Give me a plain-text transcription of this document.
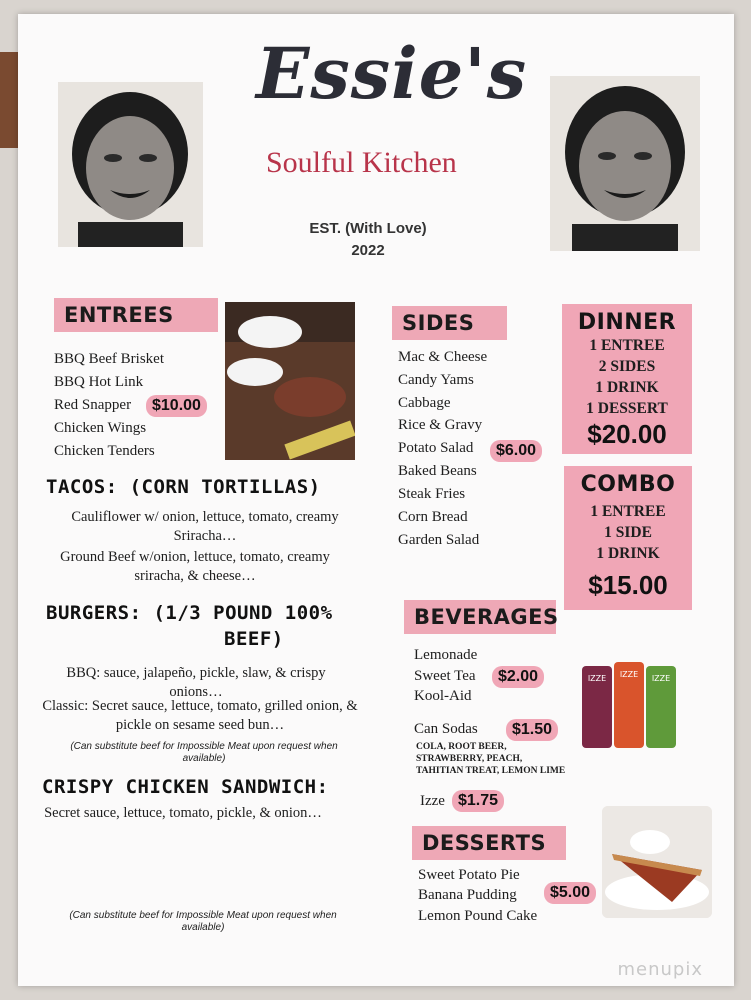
Essie's
Soulful Kitchen
EST. (With Love)
2022
ENTREES
BBQ Beef Brisket
BBQ Hot Link
Red Snapper	$10.00
Chicken Wings
Chicken Tenders
TACOS: (CORN TORTILLAS)
Cauliflower w/ onion, lettuce, tomato, creamy Sriracha…
Ground Beef w/onion, lettuce, tomato, creamy sriracha, & cheese…
BURGERS: (1/3 POUND 100%
BEEF)
BBQ: sauce, jalapeño, pickle, slaw, & crispy onions…
Classic: Secret sauce, lettuce, tomato, grilled onion, & pickle on sesame seed bun…
(Can substitute beef for Impossible Meat upon request when available)
CRISPY CHICKEN SANDWICH:
Secret sauce, lettuce, tomato, pickle, & onion…
(Can substitute beef for Impossible Meat upon request when available)
SIDES
Mac & Cheese
Candy Yams
Cabbage
Rice & Gravy
Potato Salad	$6.00
Baked Beans
Steak Fries
Corn Bread
Garden Salad
DINNER
1 ENTREE
2 SIDES
1 DRINK
1 DESSERT
$20.00
COMBO
1 ENTREE
1 SIDE
1 DRINK
$15.00
BEVERAGES
Lemonade
Sweet Tea	$2.00
Kool-Aid
Can Sodas	$1.50
COLA, ROOT BEER,
STRAWBERRY, PEACH,
TAHITIAN TREAT, LEMON LIME
Izze $1.75
IZZE	IZZE	IZZE
DESSERTS
Sweet Potato Pie
Banana Pudding	$5.00
Lemon Pound Cake
menupix
